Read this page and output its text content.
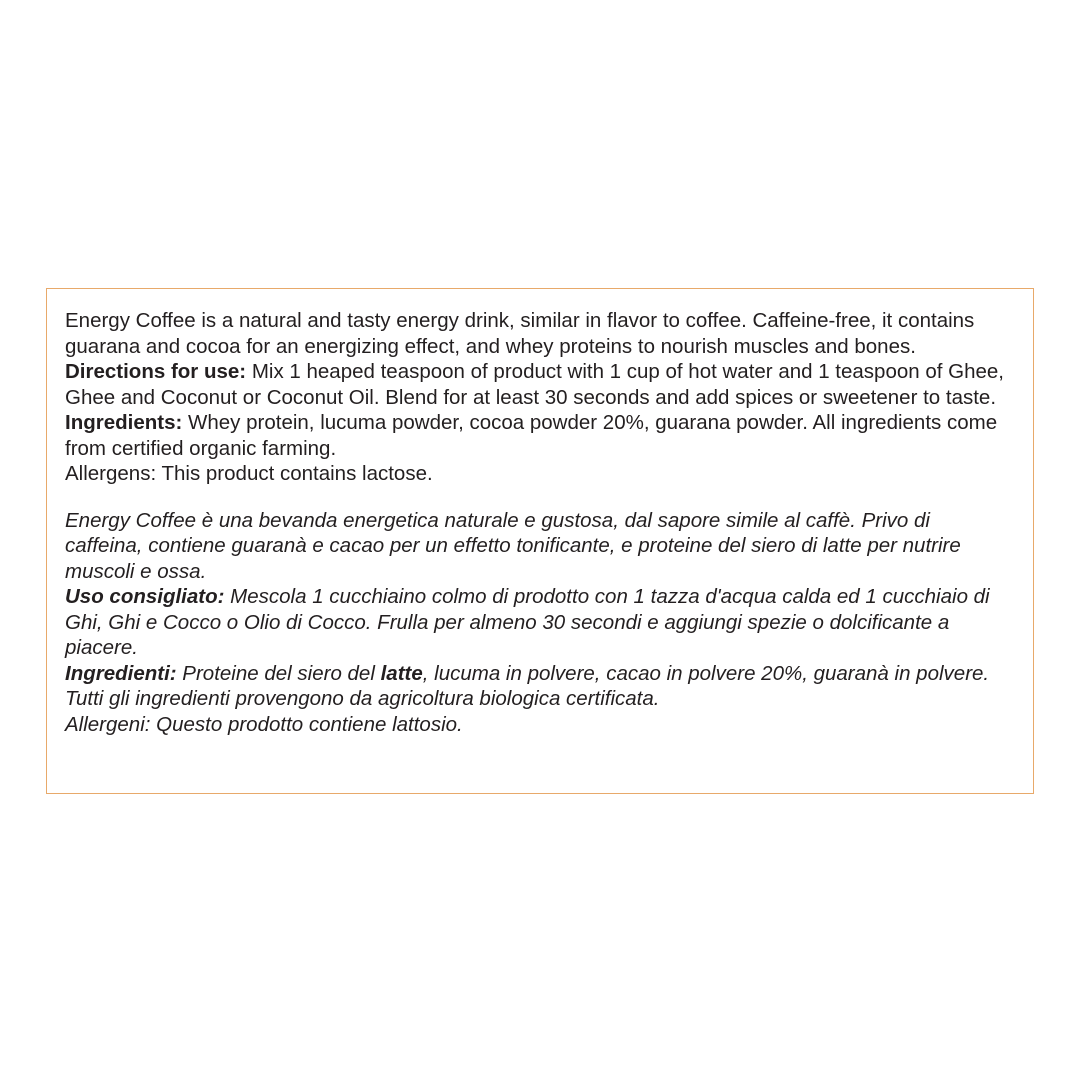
Energy Coffee is a natural and tasty energy drink, similar in flavor to coffee. Caffeine-free, it contains guarana and cocoa for an energizing effect, and whey proteins to nourish muscles and bones.

Directions for use: Mix 1 heaped teaspoon of product with 1 cup of hot water and 1 teaspoon of Ghee, Ghee and Coconut or Coconut Oil. Blend for at least 30 seconds and add spices or sweetener to taste.

Ingredients: Whey protein, lucuma powder, cocoa powder 20%, guarana powder. All ingredients come from certified organic farming.

Allergens: This product contains lactose.

Energy Coffee è una bevanda energetica naturale e gustosa, dal sapore simile al caffè. Privo di caffeina, contiene guaranà e cacao per un effetto tonificante, e proteine del siero di latte per nutrire muscoli e ossa.

Uso consigliato: Mescola 1 cucchiaino colmo di prodotto con 1 tazza d'acqua calda ed 1 cucchiaio di Ghi, Ghi e Cocco o Olio di Cocco. Frulla per almeno 30 secondi e aggiungi spezie o dolcificante a piacere.

Ingredienti: Proteine del siero del latte, lucuma in polvere, cacao in polvere 20%, guaranà in polvere. Tutti gli ingredienti provengono da agricoltura biologica certificata.

Allergeni: Questo prodotto contiene lattosio.
